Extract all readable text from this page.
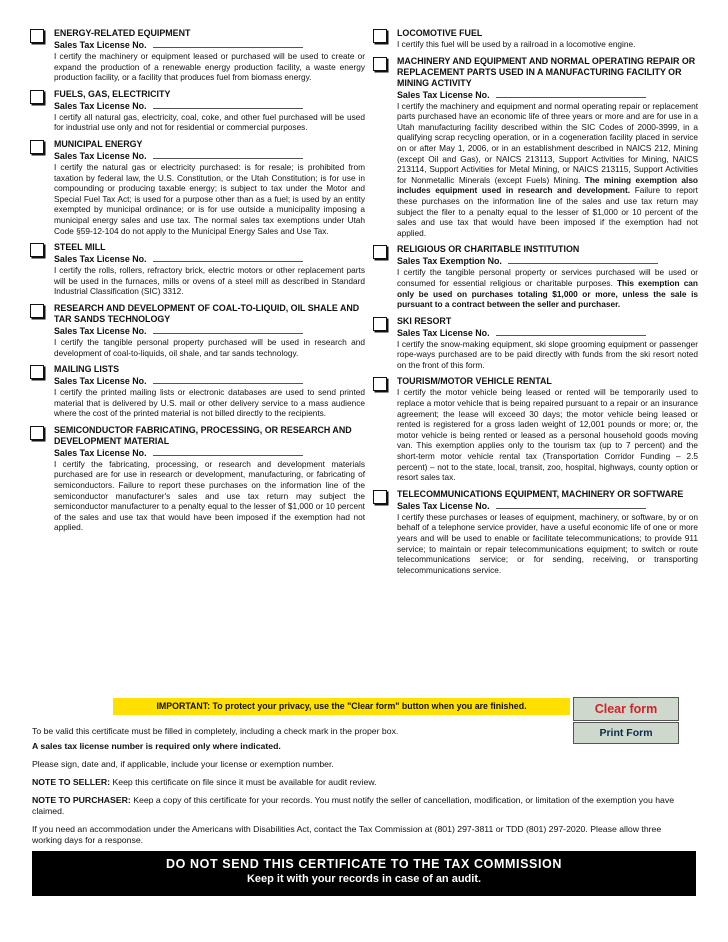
ENERGY-RELATED EQUIPMENT
Sales Tax License No.
I certify the machinery or equipment leased or purchased will be used to create or expand the production of a renewable energy production facility, a waste energy production facility, or a facility that produces fuel from biomass energy.
FUELS, GAS, ELECTRICITY
Sales Tax License No.
I certify all natural gas, electricity, coal, coke, and other fuel purchased will be used for industrial use only and not for residential or commercial purposes.
MUNICIPAL ENERGY
Sales Tax License No.
I certify the natural gas or electricity purchased: is for resale; is prohibited from taxation by federal law, the U.S. Constitution, or the Utah Constitution; is for use in compounding or producing taxable energy; is subject to tax under the Motor and Special Fuel Tax Act; is used for a purpose other than as a fuel; is used by an entity exempted by municipal ordinance; or is for use outside a municipality imposing a municipal energy sales and use tax. The normal sales tax exemptions under Utah Code §59-12-104 do not apply to the Municipal Energy Sales and Use Tax.
STEEL MILL
Sales Tax License No.
I certify the rolls, rollers, refractory brick, electric motors or other replacement parts will be used in the furnaces, mills or ovens of a steel mill as described in Standard Industrial Classification (SIC) 3312.
RESEARCH AND DEVELOPMENT OF COAL-TO-LIQUID, OIL SHALE AND TAR SANDS TECHNOLOGY
Sales Tax License No.
I certify the tangible personal property purchased will be used in research and development of coal-to-liquids, oil shale, and tar sands technology.
MAILING LISTS
Sales Tax License No.
I certify the printed mailing lists or electronic databases are used to send printed material that is delivered by U.S. mail or other delivery service to a mass audience where the cost of the printed material is not billed directly to the recipients.
SEMICONDUCTOR FABRICATING, PROCESSING, OR RESEARCH AND DEVELOPMENT MATERIAL
Sales Tax License No.
I certify the fabricating, processing, or research and development materials purchased are for use in research or development, manufacturing, or fabricating of semiconductors. Failure to report these purchases on the information line of the semiconductor manufacturer's sales and use tax return may subject the semiconductor manufacturer to a penalty equal to the lesser of $1,000 or 10 percent of the sales and use tax that would have been imposed if the exemption had not applied.
LOCOMOTIVE FUEL
I certify this fuel will be used by a railroad in a locomotive engine.
MACHINERY AND EQUIPMENT AND NORMAL OPERATING REPAIR OR REPLACEMENT PARTS USED IN A MANUFACTURING FACILITY OR MINING ACTIVITY
Sales Tax License No.
I certify the machinery and equipment and normal operating repair or replacement parts purchased have an economic life of three years or more and are for use in a Utah manufacturing facility described within the SIC Codes of 2000-3999, in a qualifying scrap recycling operation, or in a cogeneration facility placed in service on or after May 1, 2006, or in an establishment described in NAICS 212, Mining (except Oil and Gas), or NAICS 213113, Support Activities for Mining, NAICS 213114, Support Activities for Metal Mining, or NAICS 213115, Support Activities for Nonmetallic Minerals (except Fuels) Mining. The mining exemption also includes equipment used in research and development. Failure to report these purchases on the information line of the sales and use tax return may subject the filer to a penalty equal to the lesser of $1,000 or 10 percent of the sales and use tax that would have been imposed if the exemption had not applied.
RELIGIOUS OR CHARITABLE INSTITUTION
Sales Tax Exemption No.
I certify the tangible personal property or services purchased will be used or consumed for essential religious or charitable purposes. This exemption can only be used on purchases totaling $1,000 or more, unless the sale is pursuant to a contract between the seller and purchaser.
SKI RESORT
Sales Tax License No.
I certify the snow-making equipment, ski slope grooming equipment or passenger rope-ways purchased are to be paid directly with funds from the ski resort noted on the front of this form.
TOURISM/MOTOR VEHICLE RENTAL
I certify the motor vehicle being leased or rented will be temporarily used to replace a motor vehicle that is being repaired pursuant to a repair or an insurance agreement; the lease will exceed 30 days; the motor vehicle being leased or rented is registered for a gross laden weight of 12,001 pounds or more; or, the motor vehicle is being rented or leased as a personal household goods moving van. This exemption applies only to the tourism tax (up to 7 percent) and the short-term motor vehicle rental tax (Transportation Corridor Funding – 2.5 percent) – not to the state, local, transit, zoo, hospital, highways, county option or resort sales tax.
TELECOMMUNICATIONS EQUIPMENT, MACHINERY OR SOFTWARE
Sales Tax License No.
I certify these purchases or leases of equipment, machinery, or software, by or on behalf of a telephone service provider, have a useful economic life of one or more years and will be used to enable or facilitate telecommunications; to provide 911 service; to maintain or repair telecommunications equipment; to switch or route telecommunications service; or for sending, receiving, or transporting telecommunications service.
IMPORTANT: To protect your privacy, use the "Clear form" button when you are finished.	Clear form
Print Form

To be valid this certificate must be filled in completely, including a check mark in the proper box.

A sales tax license number is required only where indicated.

Please sign, date and, if applicable, include your license or exemption number.

NOTE TO SELLER: Keep this certificate on file since it must be available for audit review.

NOTE TO PURCHASER: Keep a copy of this certificate for your records. You must notify the seller of cancellation, modification, or limitation of the exemption you have claimed.

If you need an accommodation under the Americans with Disabilities Act, contact the Tax Commission at (801) 297-3811 or TDD (801) 297-2020. Please allow three working days for a response.

DO NOT SEND THIS CERTIFICATE TO THE TAX COMMISSION
Keep it with your records in case of an audit.
